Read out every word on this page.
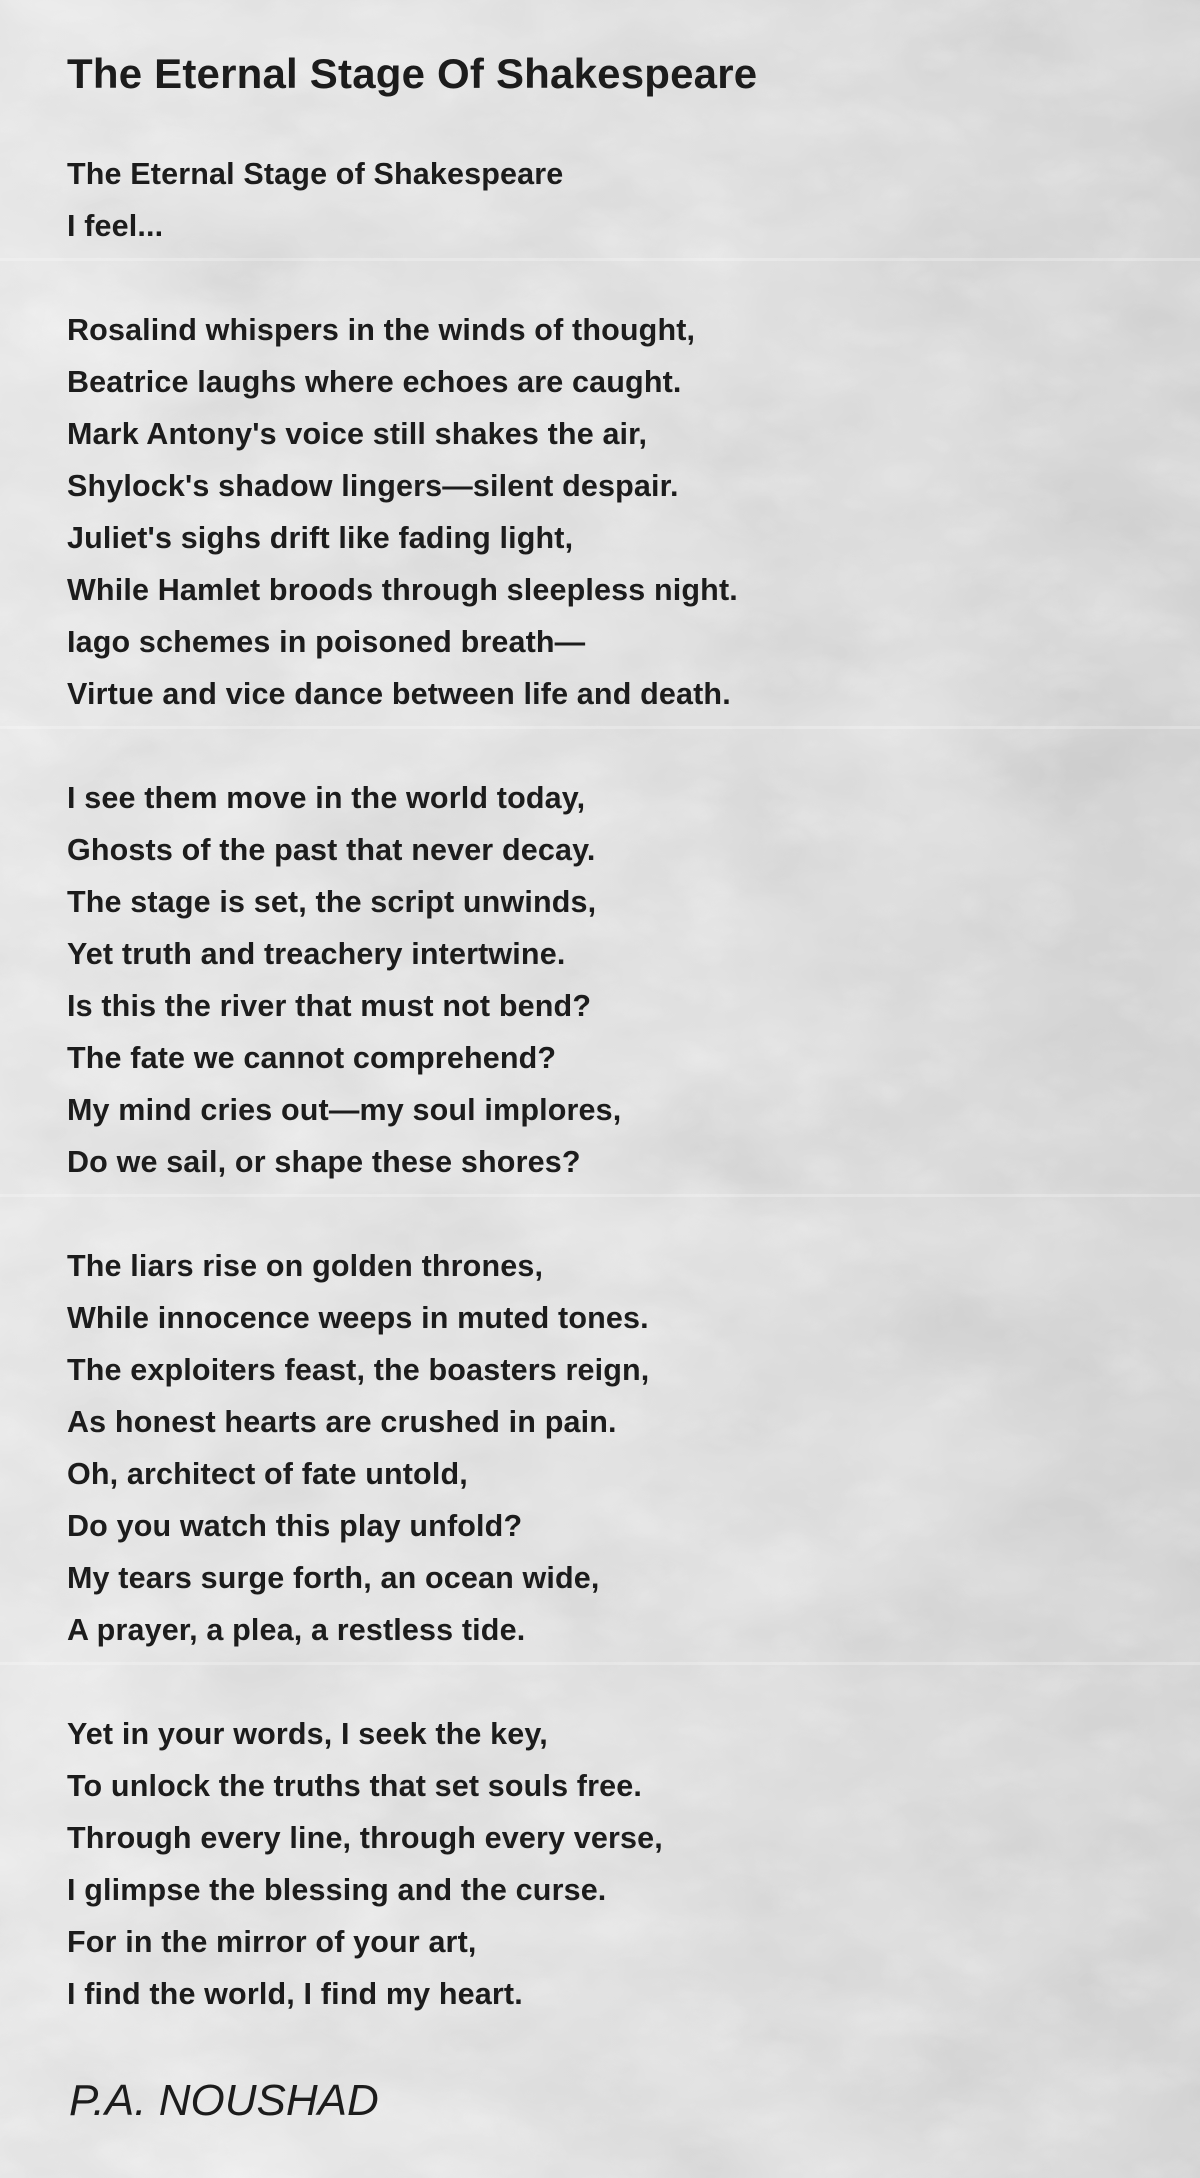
The Eternal Stage Of Shakespeare
The Eternal Stage of Shakespeare
I feel...
Rosalind whispers in the winds of thought,
Beatrice laughs where echoes are caught.
Mark Antony's voice still shakes the air,
Shylock's shadow lingers—silent despair.
Juliet's sighs drift like fading light,
While Hamlet broods through sleepless night.
Iago schemes in poisoned breath—
Virtue and vice dance between life and death.
I see them move in the world today,
Ghosts of the past that never decay.
The stage is set, the script unwinds,
Yet truth and treachery intertwine.
Is this the river that must not bend?
The fate we cannot comprehend?
My mind cries out—my soul implores,
Do we sail, or shape these shores?
The liars rise on golden thrones,
While innocence weeps in muted tones.
The exploiters feast, the boasters reign,
As honest hearts are crushed in pain.
Oh, architect of fate untold,
Do you watch this play unfold?
My tears surge forth, an ocean wide,
A prayer, a plea, a restless tide.
Yet in your words, I seek the key,
To unlock the truths that set souls free.
Through every line, through every verse,
I glimpse the blessing and the curse.
For in the mirror of your art,
I find the world, I find my heart.
P.A. NOUSHAD
